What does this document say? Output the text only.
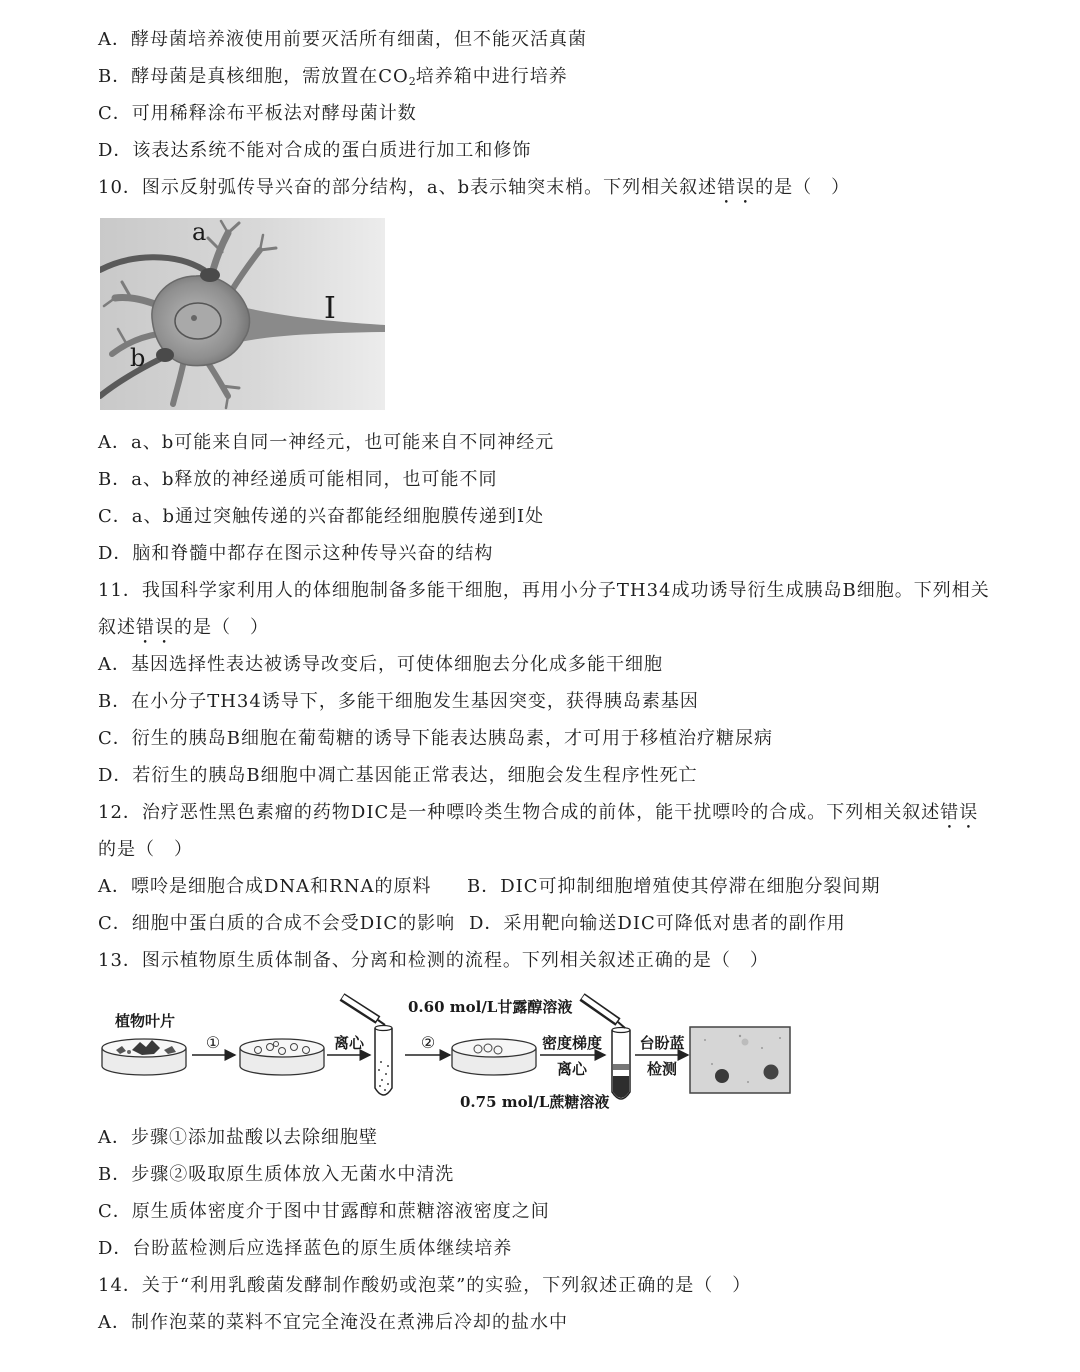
A．酵母菌培养液使用前要灭活所有细菌，但不能灭活真菌
B．酵母菌是真核细胞，需放置在$CO_2$培养箱中进行培养
C．可用稀释涂布平板法对酵母菌计数
D．该表达系统不能对合成的蛋白质进行加工和修饰
10．图示反射弧传导兴奋的部分结构，a、b表示轴突末梢。下列相关叙述错误的是（　）
a
b
I
A．a、b可能来自同一神经元，也可能来自不同神经元
B．a、b释放的神经递质可能相同，也可能不同
C．a、b通过突触传递的兴奋都能经细胞膜传递到I处
D．脑和脊髓中都存在图示这种传导兴奋的结构
11．我国科学家利用人的体细胞制备多能干细胞，再用小分子TH34成功诱导衍生成胰岛B细胞。下列相关
叙述错误的是（　）
A．基因选择性表达被诱导改变后，可使体细胞去分化成多能干细胞
B．在小分子TH34诱导下，多能干细胞发生基因突变，获得胰岛素基因
C．衍生的胰岛B细胞在葡萄糖的诱导下能表达胰岛素，才可用于移植治疗糖尿病
D．若衍生的胰岛B细胞中凋亡基因能正常表达，细胞会发生程序性死亡
12．治疗恶性黑色素瘤的药物DIC是一种嘌呤类生物合成的前体，能干扰嘌呤的合成。下列相关叙述错误
的是（　）
A．嘌呤是细胞合成DNA和RNA的原料 B．DIC可抑制细胞增殖使其停滞在细胞分裂间期
C．细胞中蛋白质的合成不会受DIC的影响 D．采用靶向输送DIC可降低对患者的副作用
13．图示植物原生质体制备、分离和检测的流程。下列相关叙述正确的是（　）
植物叶片
①	离心	②
0.60 mol/L甘露醇溶液
密度梯度
离心
0.75 mol/L蔗糖溶液
台盼蓝
检测
A．步骤①添加盐酸以去除细胞壁
B．步骤②吸取原生质体放入无菌水中清洗
C．原生质体密度介于图中甘露醇和蔗糖溶液密度之间
D．台盼蓝检测后应选择蓝色的原生质体继续培养
14．关于“利用乳酸菌发酵制作酸奶或泡菜”的实验，下列叙述正确的是（　）
A．制作泡菜的菜料不宜完全淹没在煮沸后冷却的盐水中
